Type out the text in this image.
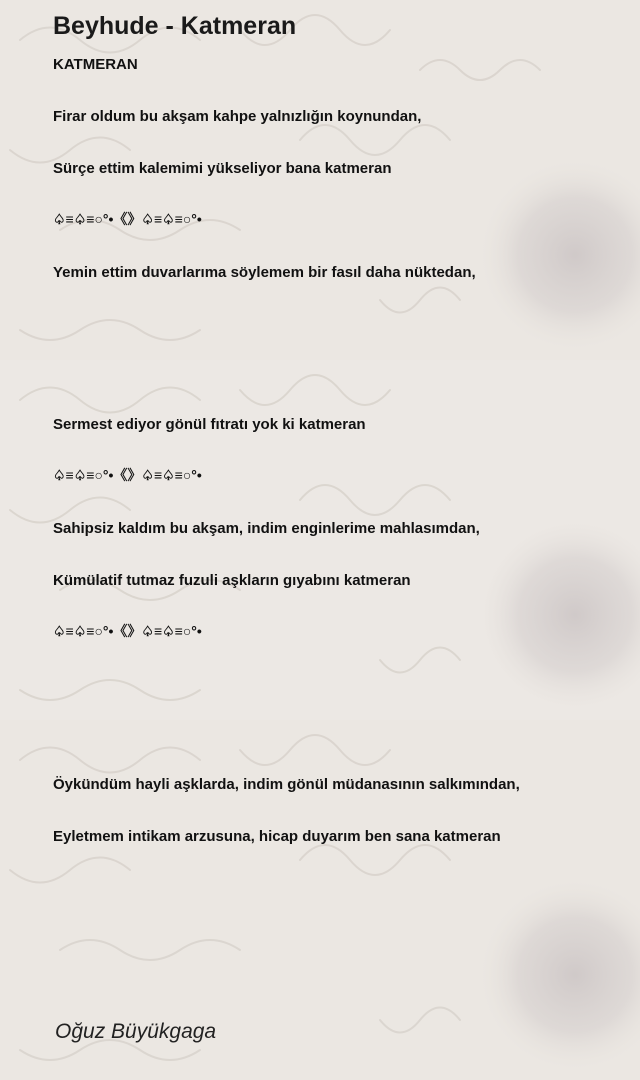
Beyhude - Katmeran
KATMERAN
Firar oldum bu akşam kahpe yalnızlığın koynundan,
Sürçe ettim kalemimi yükseliyor bana katmeran
♤≡♤≡○°•《》♤≡♤≡○°•
Yemin ettim duvarlarıma söylemem bir fasıl daha nüktedan,
Sermest ediyor gönül fıtratı yok ki katmeran
♤≡♤≡○°•《》♤≡♤≡○°•
Sahipsiz kaldım bu akşam, indim enginlerime mahlasımdan,
Kümülatif tutmaz fuzuli aşkların gıyabını katmeran
♤≡♤≡○°•《》♤≡♤≡○°•
Öykündüm hayli aşklarda, indim gönül müdanasının salkımından,
Eyletmem intikam arzusuna, hicap duyarım ben sana katmeran
Oğuz Büyükgaga
